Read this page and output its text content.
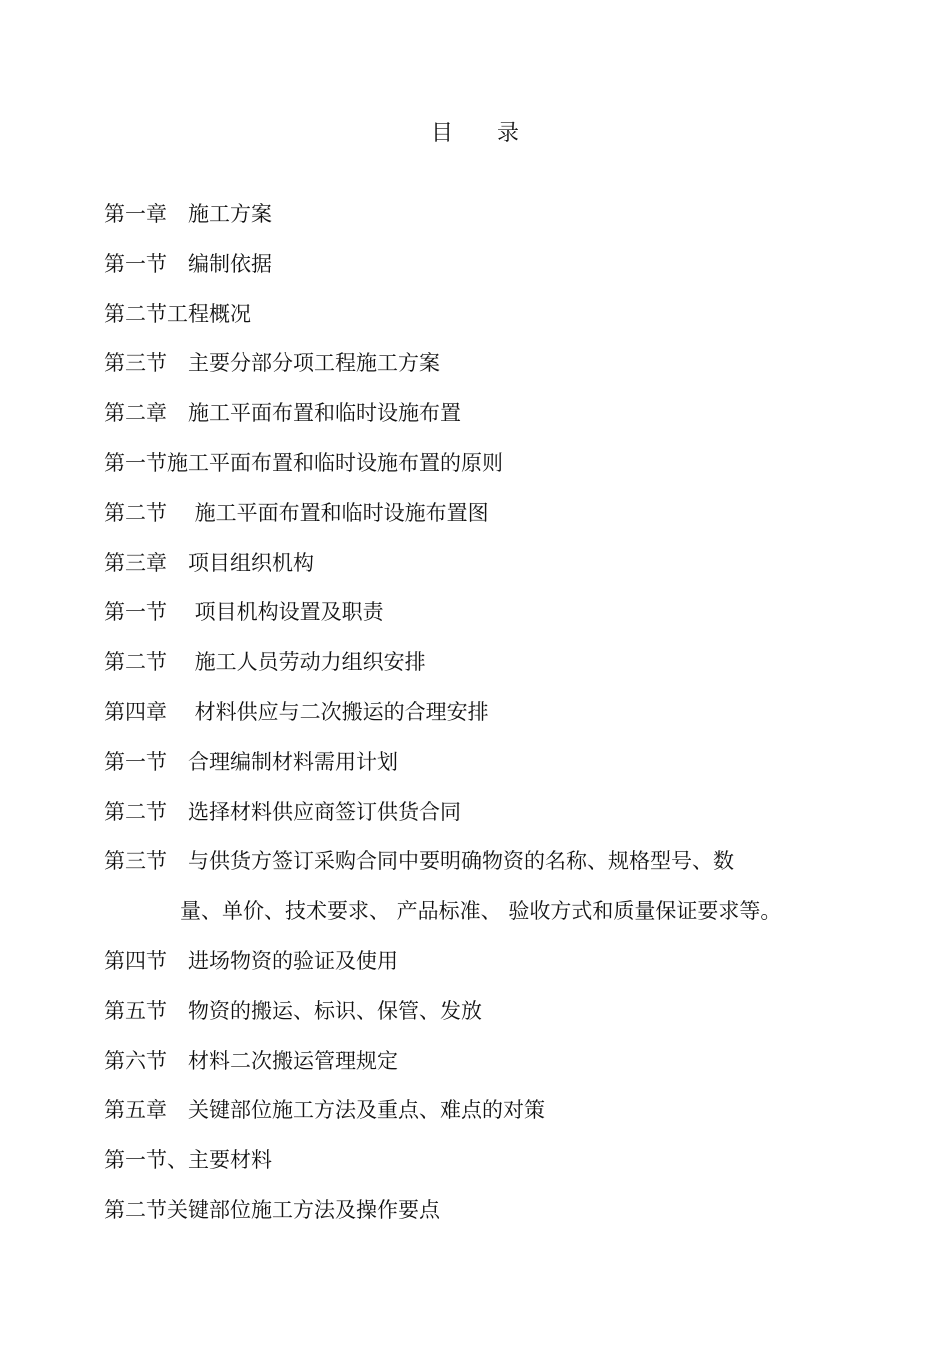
目　　录
第一章　施工方案
第一节　编制依据
第二节工程概况
第三节　主要分部分项工程施工方案
第二章　施工平面布置和临时设施布置
第一节施工平面布置和临时设施布置的原则
第二节　 施工平面布置和临时设施布置图
第三章　项目组织机构
第一节　 项目机构设置及职责
第二节　 施工人员劳动力组织安排
第四章　 材料供应与二次搬运的合理安排
第一节　合理编制材料需用计划
第二节　选择材料供应商签订供货合同
第三节　与供货方签订采购合同中要明确物资的名称、规格型号、数
量、单价、技术要求、 产品标准、 验收方式和质量保证要求等。
第四节　进场物资的验证及使用
第五节　物资的搬运、标识、保管、发放
第六节　材料二次搬运管理规定
第五章　关键部位施工方法及重点、难点的对策
第一节、主要材料
第二节关键部位施工方法及操作要点
